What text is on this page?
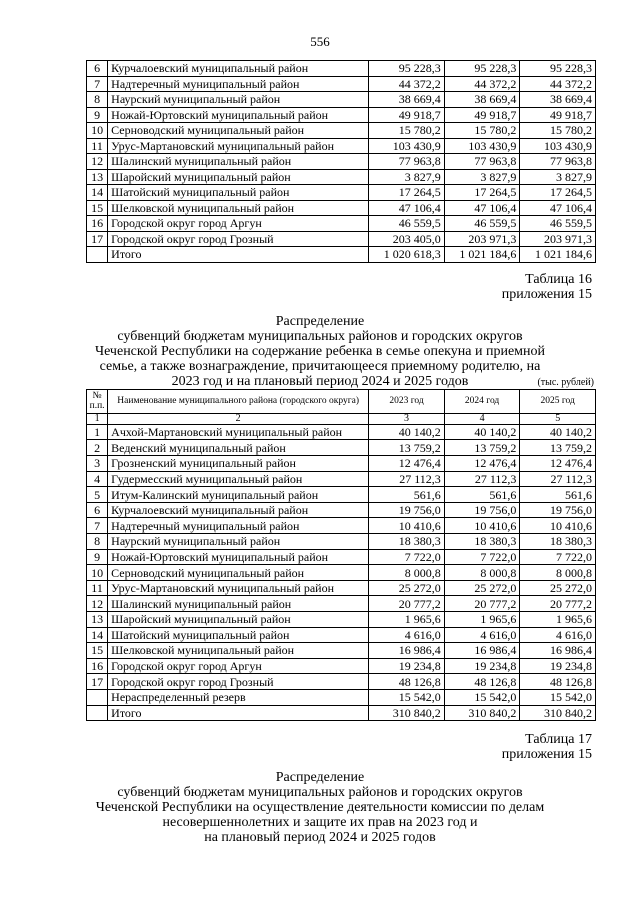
556
6	Курчалоевский муниципальный район	95 228,3	95 228,3	95 228,3
7	Надтеречный муниципальный район	44 372,2	44 372,2	44 372,2
8	Наурский муниципальный район	38 669,4	38 669,4	38 669,4
9	Ножай-Юртовский муниципальный район	49 918,7	49 918,7	49 918,7
10	Серноводский муниципальный район	15 780,2	15 780,2	15 780,2
11	Урус-Мартановский муниципальный район	103 430,9	103 430,9	103 430,9
12	Шалинский муниципальный район	77 963,8	77 963,8	77 963,8
13	Шаройский муниципальный район	3 827,9	3 827,9	3 827,9
14	Шатойский муниципальный район	17 264,5	17 264,5	17 264,5
15	Шелковской муниципальный район	47 106,4	47 106,4	47 106,4
16	Городской округ город Аргун	46 559,5	46 559,5	46 559,5
17	Городской округ город Грозный	203 405,0	203 971,3	203 971,3
	Итого	1 020 618,3	1 021 184,6	1 021 184,6
Таблица 16
приложения 15
Распределение
субвенций бюджетам муниципальных районов и городских округов
Чеченской Республики на содержание ребенка в семье опекуна и приемной
семье, а также вознаграждение, причитающееся приемному родителю, на
2023 год и на плановый период 2024 и 2025 годов	(тыс. рублей)
№
п.п.	Наименование муниципального района (городского округа)	2023 год	2024 год	2025 год
1	2	3	4	5
1	Ачхой-Мартановский муниципальный район	40 140,2	40 140,2	40 140,2
2	Веденский муниципальный район	13 759,2	13 759,2	13 759,2
3	Грозненский муниципальный район	12 476,4	12 476,4	12 476,4
4	Гудермесский муниципальный район	27 112,3	27 112,3	27 112,3
5	Итум-Калинский муниципальный район	561,6	561,6	561,6
6	Курчалоевский муниципальный район	19 756,0	19 756,0	19 756,0
7	Надтеречный муниципальный район	10 410,6	10 410,6	10 410,6
8	Наурский муниципальный район	18 380,3	18 380,3	18 380,3
9	Ножай-Юртовский муниципальный район	7 722,0	7 722,0	7 722,0
10	Серноводский муниципальный район	8 000,8	8 000,8	8 000,8
11	Урус-Мартановский муниципальный район	25 272,0	25 272,0	25 272,0
12	Шалинский муниципальный район	20 777,2	20 777,2	20 777,2
13	Шаройский муниципальный район	1 965,6	1 965,6	1 965,6
14	Шатойский муниципальный район	4 616,0	4 616,0	4 616,0
15	Шелковской муниципальный район	16 986,4	16 986,4	16 986,4
16	Городской округ город Аргун	19 234,8	19 234,8	19 234,8
17	Городской округ город Грозный	48 126,8	48 126,8	48 126,8
	Нераспределенный резерв	15 542,0	15 542,0	15 542,0
	Итого	310 840,2	310 840,2	310 840,2
Таблица 17
приложения 15
Распределение
субвенций бюджетам муниципальных районов и городских округов
Чеченской Республики на осуществление деятельности комиссии по делам
несовершеннолетних и защите их прав на 2023 год и
на плановый период 2024 и 2025 годов
